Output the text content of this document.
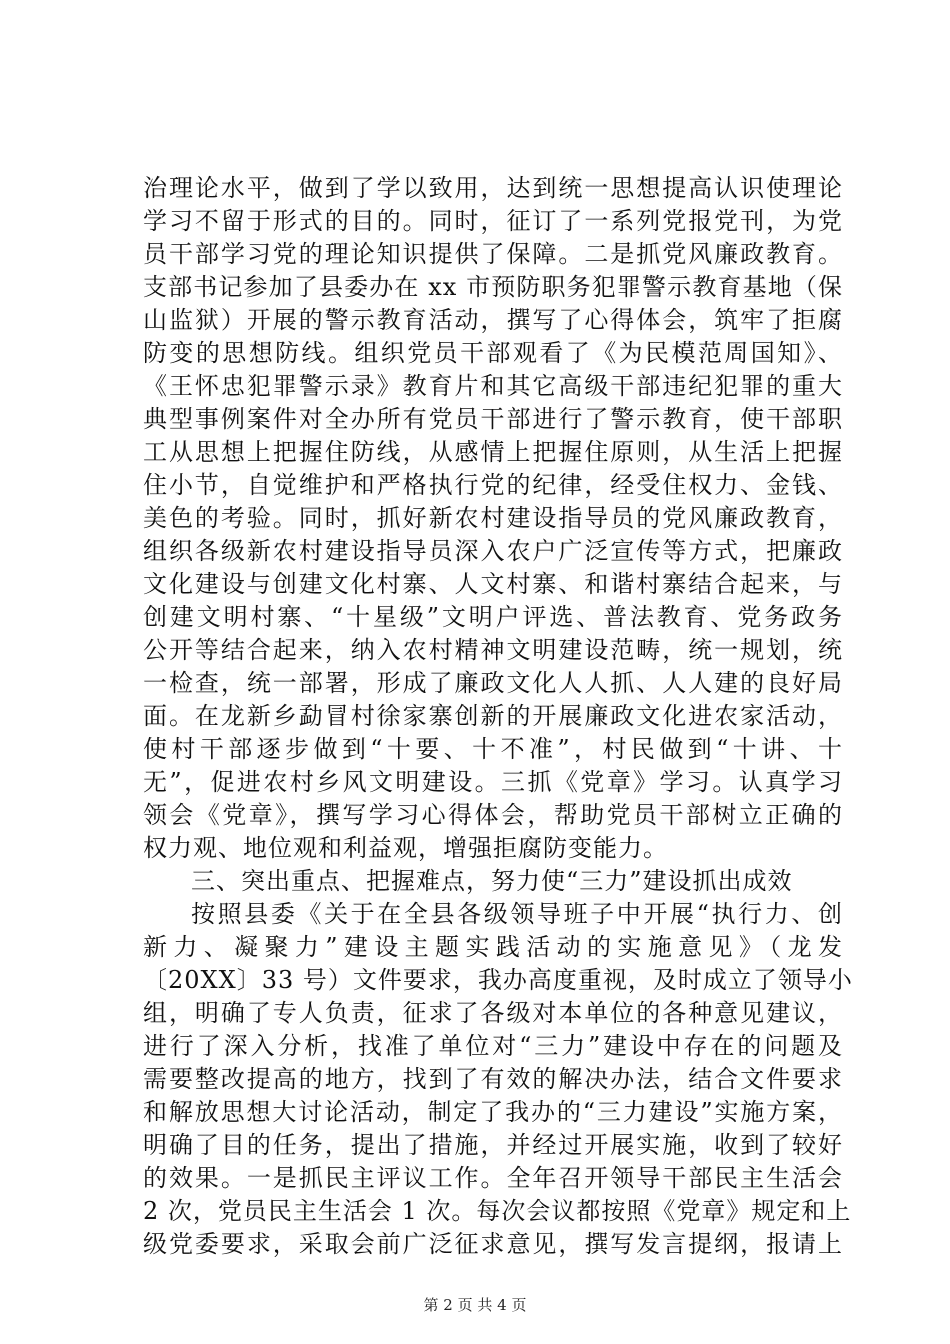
治理论水平，做到了学以致用，达到统一思想提高认识使理论
学习不留于形式的目的。同时，征订了一系列党报党刊，为党
员干部学习党的理论知识提供了保障。二是抓党风廉政教育。
支部书记参加了县委办在 xx 市预防职务犯罪警示教育基地（保
山监狱）开展的警示教育活动，撰写了心得体会，筑牢了拒腐
防变的思想防线。组织党员干部观看了《为民模范周国知》、
《王怀忠犯罪警示录》教育片和其它高级干部违纪犯罪的重大
典型事例案件对全办所有党员干部进行了警示教育，使干部职
工从思想上把握住防线，从感情上把握住原则，从生活上把握
住小节，自觉维护和严格执行党的纪律，经受住权力、金钱、
美色的考验。同时，抓好新农村建设指导员的党风廉政教育，
组织各级新农村建设指导员深入农户广泛宣传等方式，把廉政
文化建设与创建文化村寨、人文村寨、和谐村寨结合起来，与
创建文明村寨、“十星级”文明户评选、普法教育、党务政务
公开等结合起来，纳入农村精神文明建设范畴，统一规划，统
一检查，统一部署，形成了廉政文化人人抓、人人建的良好局
面。在龙新乡勐冒村徐家寨创新的开展廉政文化进农家活动，
使村干部逐步做到“十要、十不准”，村民做到“十讲、十
无”，促进农村乡风文明建设。三抓《党章》学习。认真学习
领会《党章》，撰写学习心得体会，帮助党员干部树立正确的
权力观、地位观和利益观，增强拒腐防变能力。
三、突出重点、把握难点，努力使“三力”建设抓出成效
按照县委《关于在全县各级领导班子中开展“执行力、创
新力、凝聚力”建设主题实践活动的实施意见》（龙发
〔20XX〕33 号）文件要求，我办高度重视，及时成立了领导小
组，明确了专人负责，征求了各级对本单位的各种意见建议，
进行了深入分析，找准了单位对“三力”建设中存在的问题及
需要整改提高的地方，找到了有效的解决办法，结合文件要求
和解放思想大讨论活动，制定了我办的“三力建设”实施方案，
明确了目的任务，提出了措施，并经过开展实施，收到了较好
的效果。一是抓民主评议工作。全年召开领导干部民主生活会
2 次，党员民主生活会 1 次。每次会议都按照《党章》规定和上
级党委要求，采取会前广泛征求意见，撰写发言提纲，报请上
第 2 页 共 4 页
